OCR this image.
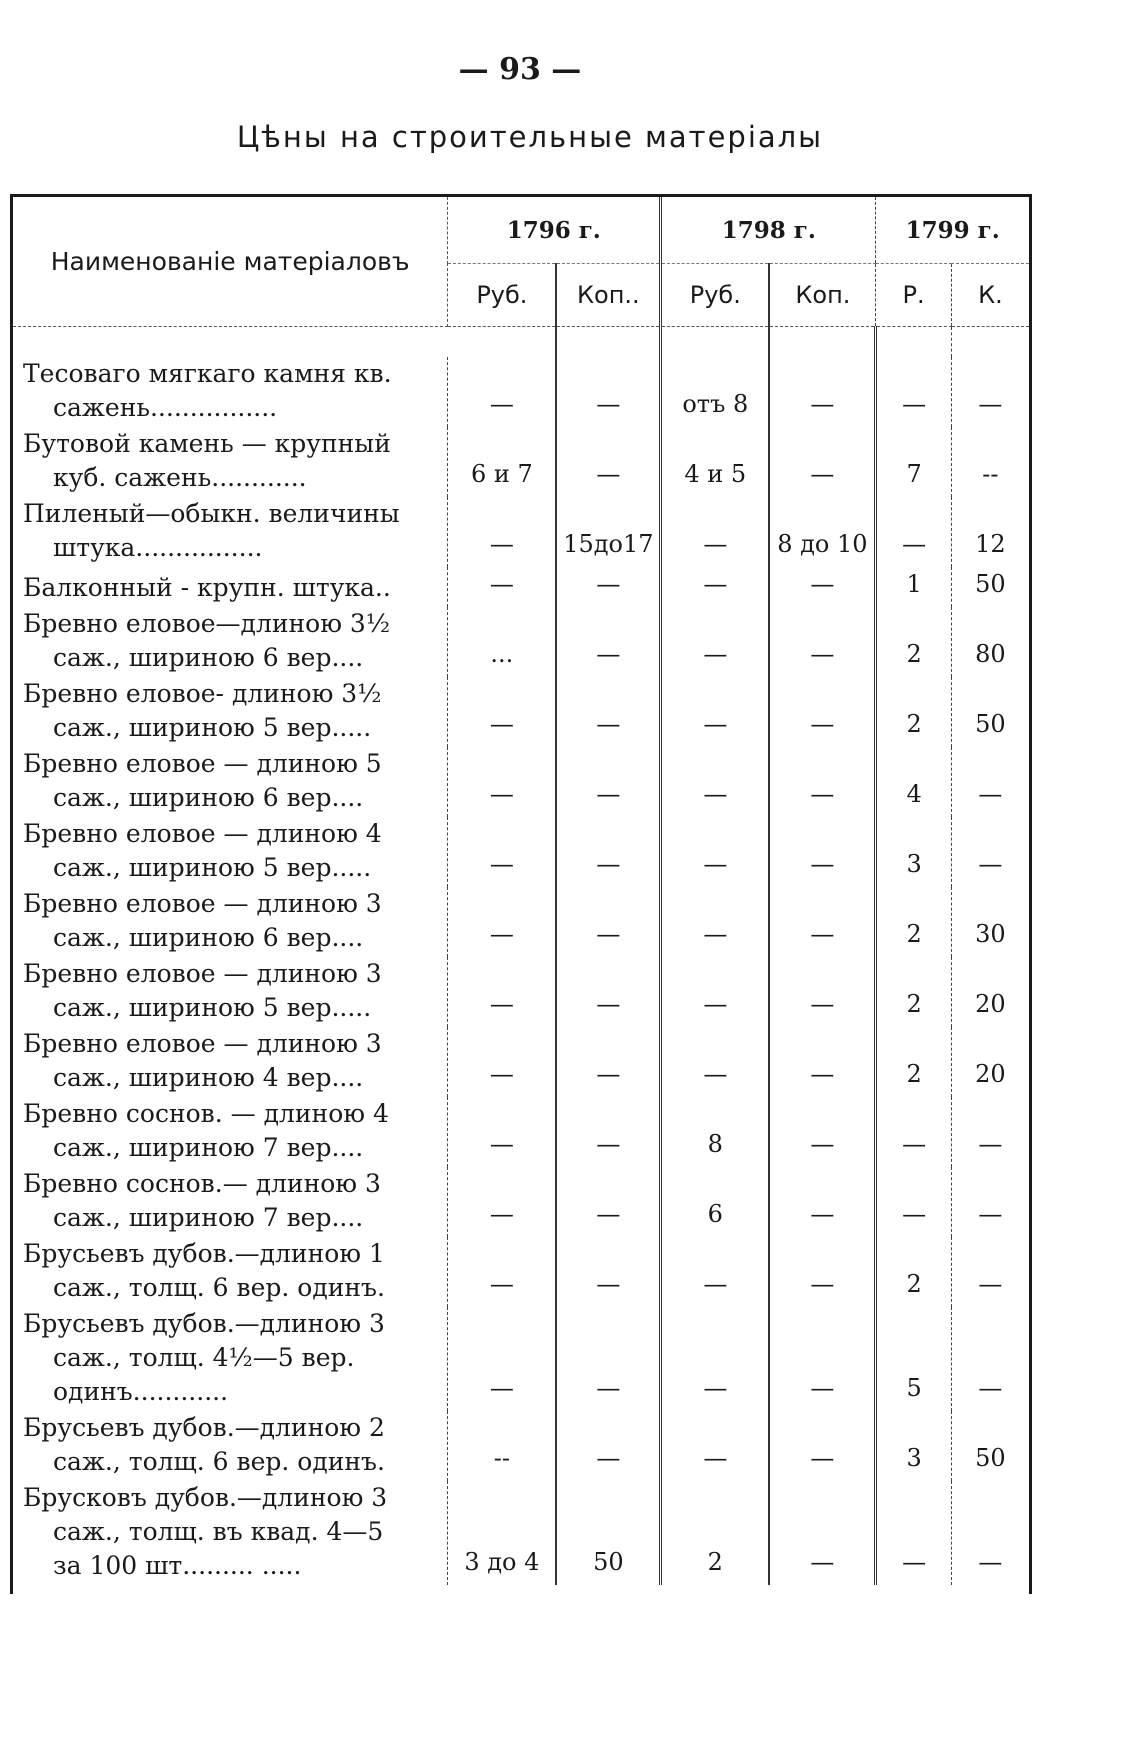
— 93 —
Цѣны на строительные матеріалы
Наименованіе матеріаловъ	1796 г.		1798 г.		1799 г.	
	Руб.	Коп..	Руб.	Коп.	Р.	К.

Тесоваго мягкаго камня кв.
сажень................	—	—	отъ 8	—	—	—

Бутовой камень — крупный
куб. сажень............	6 и 7	—	4 и 5	—	7	--

Пиленый—обыкн. величины
штука................	—	15до17	—	8 до 10	—	12

Балконный - крупн. штука..	—	—	—	—	1	50

Бревно еловое—длиною 3½
саж., шириною 6 вер....	...	—	—	—	2	80

Бревно еловое- длиною 3½
саж., шириною 5 вер.....	—	—	—	—	2	50

Бревно еловое — длиною 5
саж., шириною 6 вер....	—	—	—	—	4	—

Бревно еловое — длиною 4
саж., шириною 5 вер.....	—	—	—	—	3	—

Бревно еловое — длиною 3
саж., шириною 6 вер....	—	—	—	—	2	30

Бревно еловое — длиною 3
саж., шириною 5 вер.....	—	—	—	—	2	20

Бревно еловое — длиною 3
саж., шириною 4 вер....	—	—	—	—	2	20

Бревно соснов. — длиною 4
саж., шириною 7 вер....	—	—	8	—	—	—

Бревно соснов.— длиною 3
саж., шириною 7 вер....	—	—	6	—	—	—

Брусьевъ дубов.—длиною 1
саж., толщ. 6 вер. одинъ.	—	—	—	—	2	—

Брусьевъ дубов.—длиною 3
саж., толщ. 4½—5 вер.
одинъ............	—	—	—	—	5	—

Брусьевъ дубов.—длиною 2
саж., толщ. 6 вер. одинъ.	--	—	—	—	3	50

Брусковъ дубов.—длиною 3
саж., толщ. въ квад. 4—5
за 100 шт......... .....	3 до 4	50	2	—	—	—
